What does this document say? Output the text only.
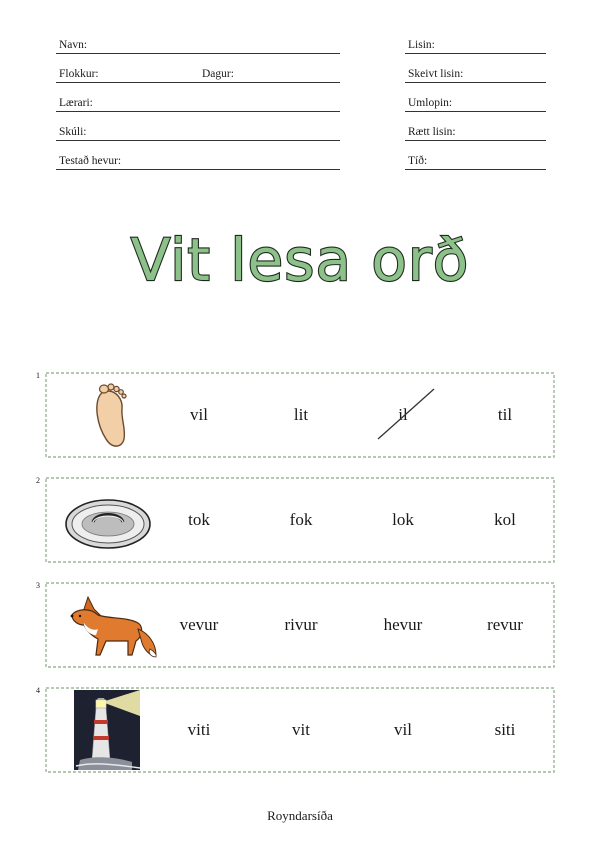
Navn:
Flokkur:	Dagur:
Lærari:
Skúli:
Testað hevur:
Lisin:
Skeivt lisin:
Umlopin:
Rætt lisin:
Tíð:
Vit lesa orð
1
vil	lit	il	til
2
tok	fok	lok	kol
3
vevur	rivur	hevur	revur
4
viti	vit	vil	siti
Royndarsíða
